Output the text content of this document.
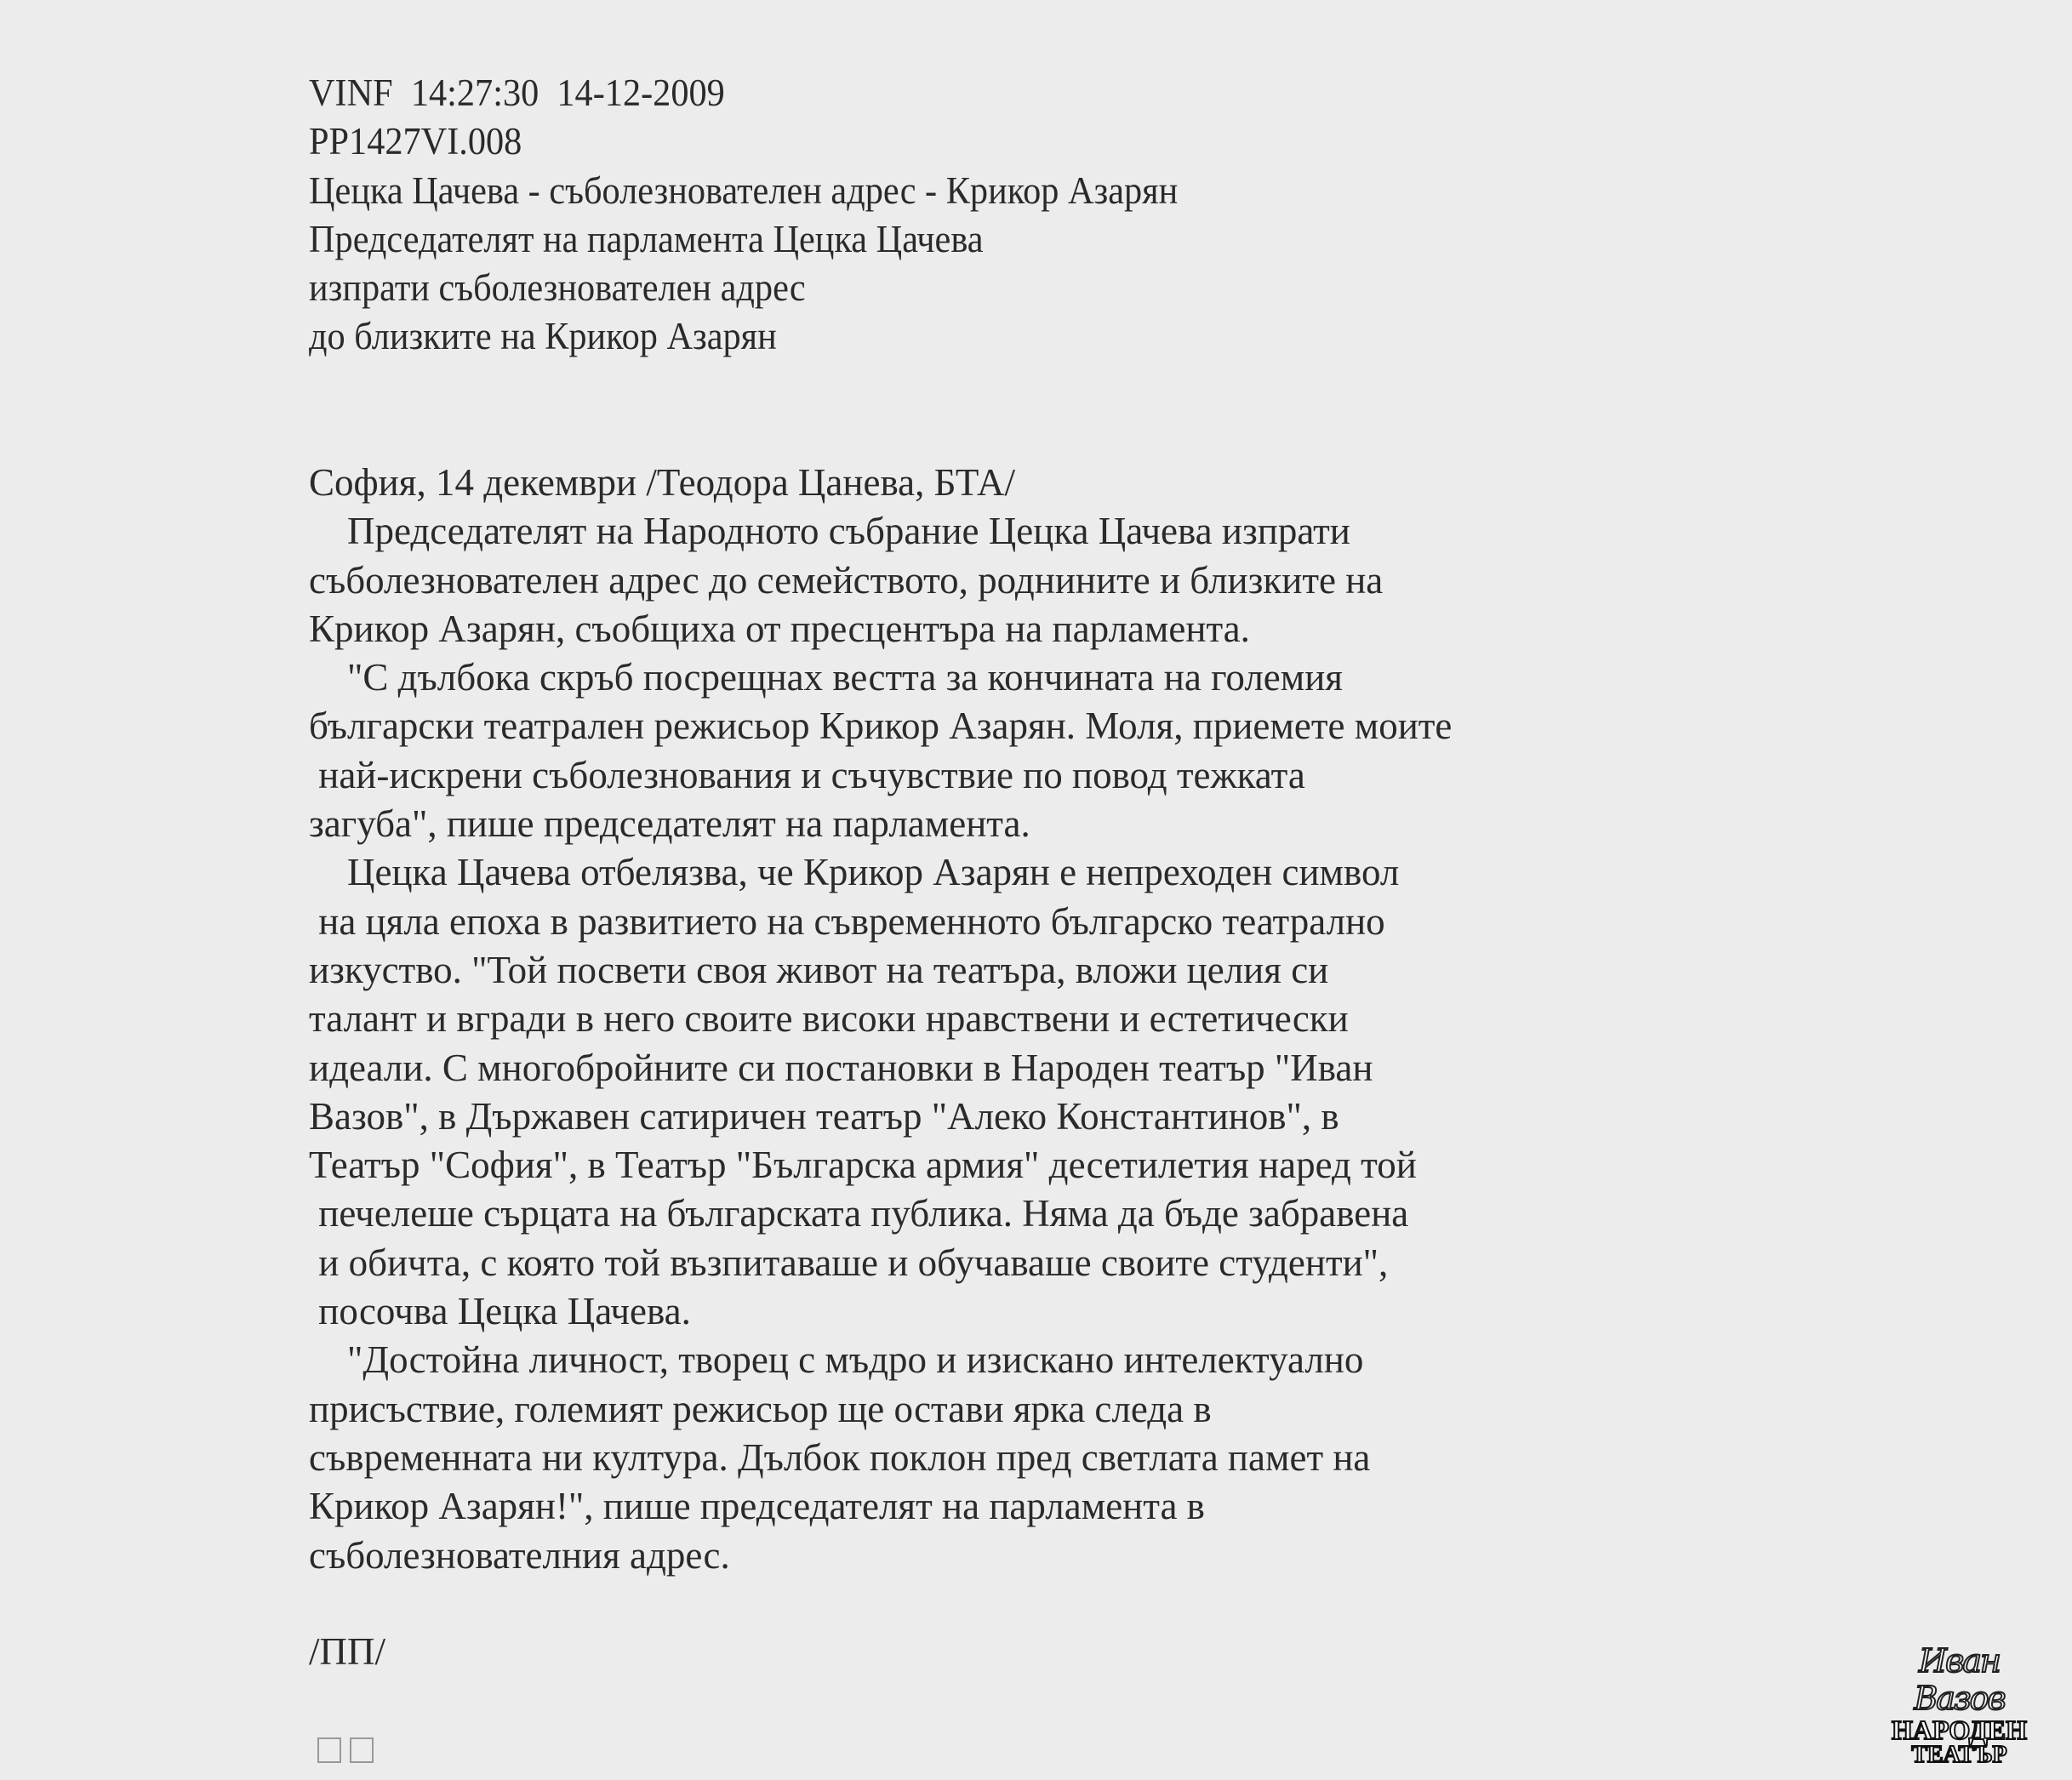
VINF  14:27:30  14-12-2009
PP1427VI.008
Цецка Цачева - съболезнователен адрес - Крикор Азарян
Председателят на парламента Цецка Цачева
изпрати съболезнователен адрес
до близките на Крикор Азарян
София, 14 декември /Теодора Цанева, БТА/
Председателят на Народното събрание Цецка Цачева изпрати
съболезнователен адрес до семейството, роднините и близките на
Крикор Азарян, съобщиха от пресцентъра на парламента.
"С дълбока скръб посрещнах вестта за кончината на големия
български театрален режисьор Крикор Азарян. Моля, приемете моите
най-искрени съболезнования и съчувствие по повод тежката
загуба", пише председателят на парламента.
Цецка Цачева отбелязва, че Крикор Азарян е непреходен символ
на цяла епоха в развитието на съвременното българско театрално
изкуство. "Той посвети своя живот на театъра, вложи целия си
талант и вгради в него своите високи нравствени и естетически
идеали. С многобройните си постановки в Народен театър "Иван
Вазов", в Държавен сатиричен театър "Алеко Константинов", в
Театър "София", в Театър "Българска армия" десетилетия наред той
печелеше сърцата на българската публика. Няма да бъде забравена
и обичта, с която той възпитаваше и обучаваше своите студенти",
посочва Цецка Цачева.
"Достойна личност, творец с мъдро и изискано интелектуално
присъствие, големият режисьор ще остави ярка следа в
съвременната ни култура. Дълбок поклон пред светлата памет на
Крикор Азарян!", пише председателят на парламента в
съболезнователния адрес.
/ПП/	Иван Вазов
НАРОДЕН
ТЕАТЪР
